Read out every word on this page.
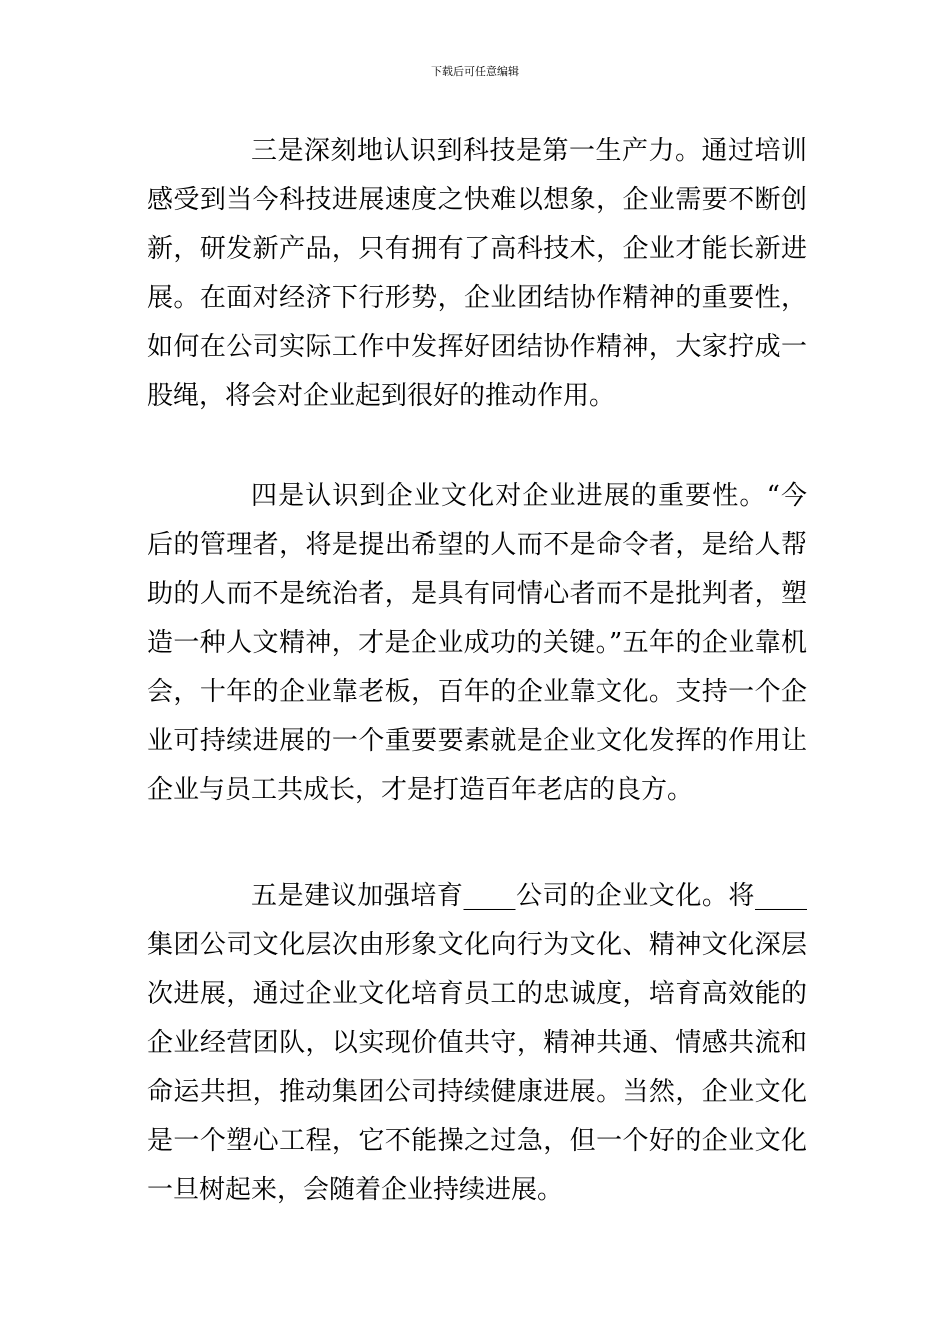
下载后可任意编辑

三是深刻地认识到科技是第一生产力。通过培训感受到当今科技进展速度之快难以想象，企业需要不断创新，研发新产品，只有拥有了高科技术，企业才能长新进展。在面对经济下行形势，企业团结协作精神的重要性，如何在公司实际工作中发挥好团结协作精神，大家拧成一股绳，将会对企业起到很好的推动作用。

四是认识到企业文化对企业进展的重要性。“今后的管理者，将是提出希望的人而不是命令者，是给人帮助的人而不是统治者，是具有同情心者而不是批判者，塑造一种人文精神，才是企业成功的关键。”五年的企业靠机会，十年的企业靠老板，百年的企业靠文化。支持一个企业可持续进展的一个重要要素就是企业文化发挥的作用让企业与员工共成长，才是打造百年老店的良方。

五是建议加强培育____公司的企业文化。将____集团公司文化层次由形象文化向行为文化、精神文化深层次进展，通过企业文化培育员工的忠诚度，培育高效能的企业经营团队，以实现价值共守，精神共通、情感共流和命运共担，推动集团公司持续健康进展。当然，企业文化是一个塑心工程，它不能操之过急，但一个好的企业文化一旦树起来，会随着企业持续进展。
